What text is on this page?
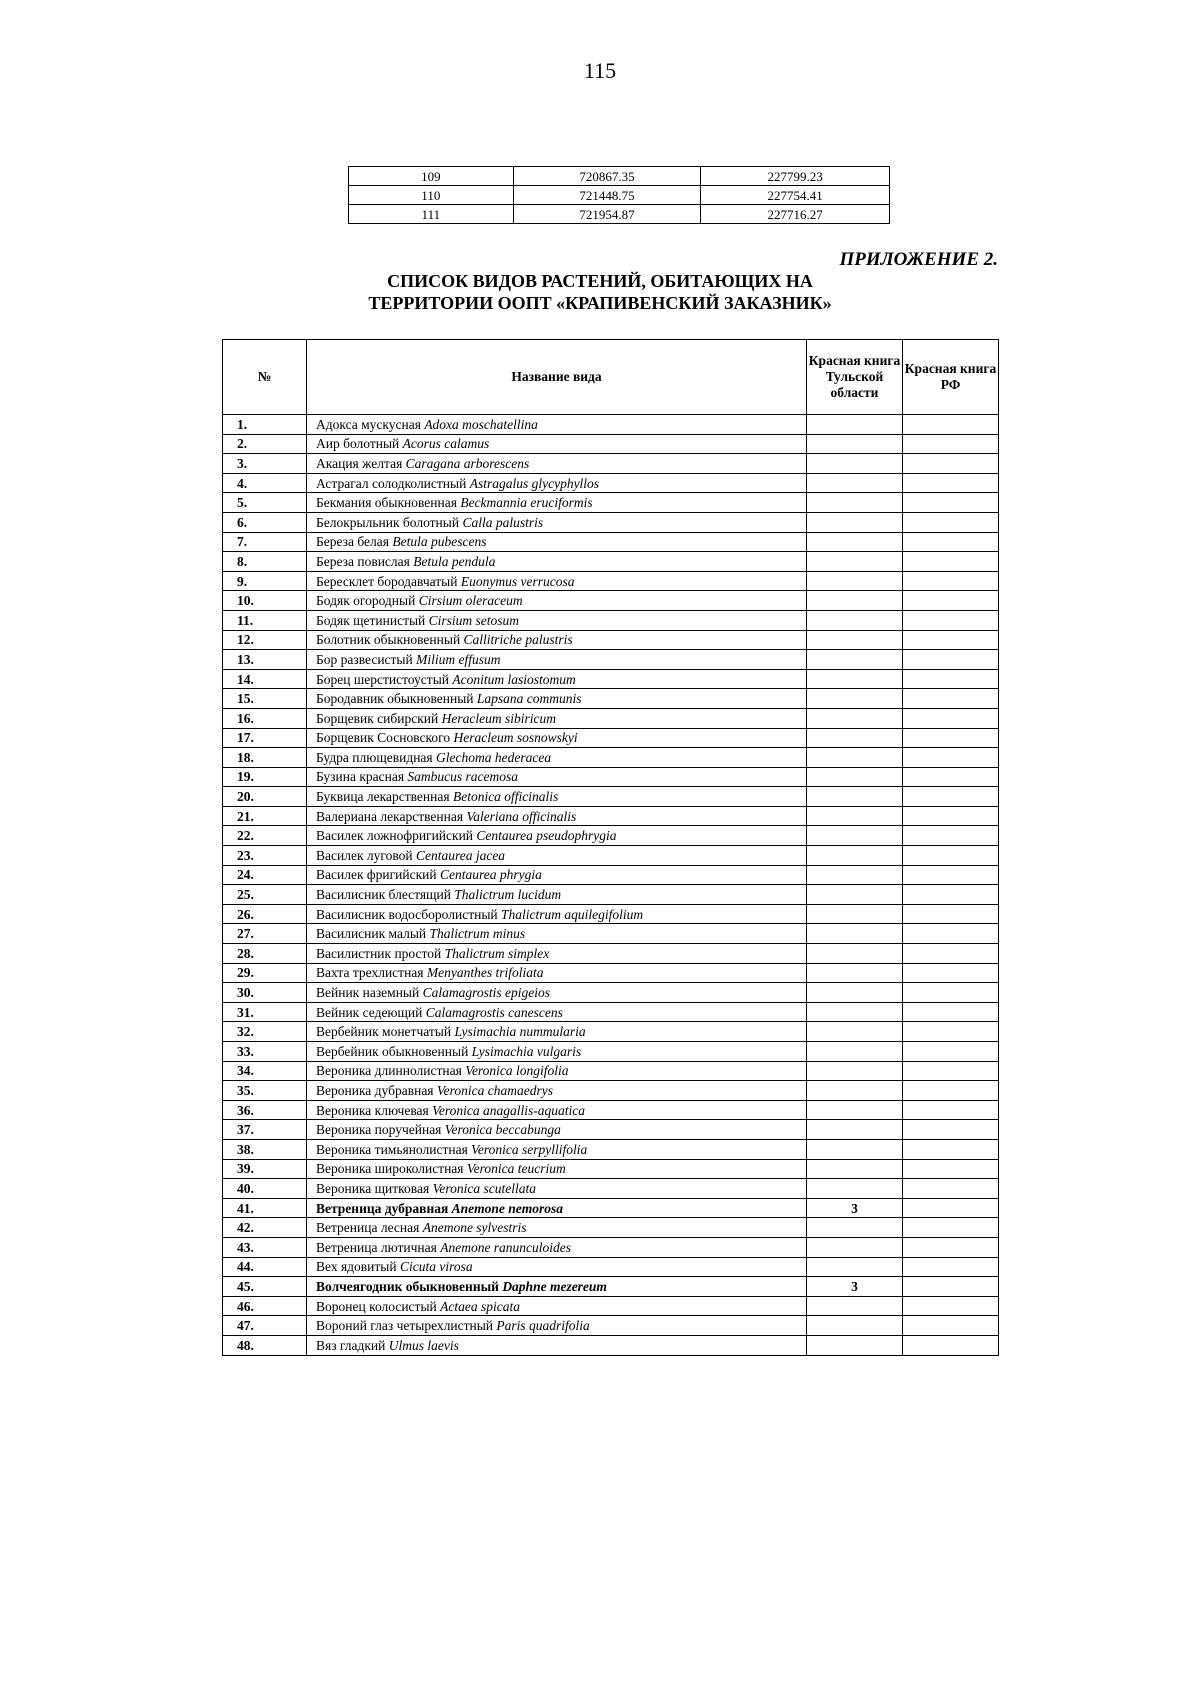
115
109	720867.35	227799.23
110	721448.75	227754.41
111	721954.87	227716.27
ПРИЛОЖЕНИЕ 2.
СПИСОК ВИДОВ РАСТЕНИЙ, ОБИТАЮЩИХ НА
ТЕРРИТОРИИ ООПТ «КРАПИВЕНСКИЙ ЗАКАЗНИК»
№	Название вида	Красная книга Тульской области	Красная книга РФ
1.	Адокса мускусная Adoxa moschatellina		
2.	Аир болотный Acorus calamus		
3.	Акация желтая Caragana arborescens		
4.	Астрагал солодколистный Astragalus glycyphyllos		
5.	Бекмания обыкновенная Beckmannia eruciformis		
6.	Белокрыльник болотный Calla palustris		
7.	Береза белая Betula pubescens		
8.	Береза повислая Betula pendula		
9.	Бересклет бородавчатый Euonymus verrucosa		
10.	Бодяк огородный Cirsium oleraceum		
11.	Бодяк щетинистый Cirsium setosum		
12.	Болотник обыкновенный Callitriche palustris		
13.	Бор развесистый Milium effusum		
14.	Борец шерстистоустый Aconitum lasiostomum		
15.	Бородавник обыкновенный Lapsana communis		
16.	Борщевик сибирский Heracleum sibiricum		
17.	Борщевик Сосновского Heracleum sosnowskyi		
18.	Будра плющевидная Glechoma hederacea		
19.	Бузина красная Sambucus racemosa		
20.	Буквица лекарственная Betonica officinalis		
21.	Валериана лекарственная Valeriana officinalis		
22.	Василек ложнофригийский Centaurea pseudophrygia		
23.	Василек луговой Centaurea jacea		
24.	Василек фригийский Centaurea phrygia		
25.	Василисник блестящий Thalictrum lucidum		
26.	Василисник водосборолистный Thalictrum aquilegifolium		
27.	Василисник малый Thalictrum minus		
28.	Василистник простой Thalictrum simplex		
29.	Вахта трехлистная Menyanthes trifoliata		
30.	Вейник наземный Calamagrostis epigeios		
31.	Вейник седеющий Calamagrostis canescens		
32.	Вербейник монетчатый Lysimachia nummularia		
33.	Вербейник обыкновенный Lysimachia vulgaris		
34.	Вероника длиннолистная Veronica longifolia		
35.	Вероника дубравная Veronica chamaedrys		
36.	Вероника ключевая Veronica anagallis-aquatica		
37.	Вероника поручейная Veronica beccabunga		
38.	Вероника тимьянолистная Veronica serpyllifolia		
39.	Вероника широколистная Veronica teucrium		
40.	Вероника щитковая Veronica scutellata		
41.	Ветреница дубравная Anemone nemorosa	3	
42.	Ветреница лесная Anemone sylvestris		
43.	Ветреница лютичная Anemone ranunculoides		
44.	Вех ядовитый Cicuta virosa		
45.	Волчеягодник обыкновенный Daphne mezereum	3	
46.	Воронец колосистый Actaea spicata		
47.	Вороний глаз четырехлистный Paris quadrifolia		
48.	Вяз гладкий Ulmus laevis		
